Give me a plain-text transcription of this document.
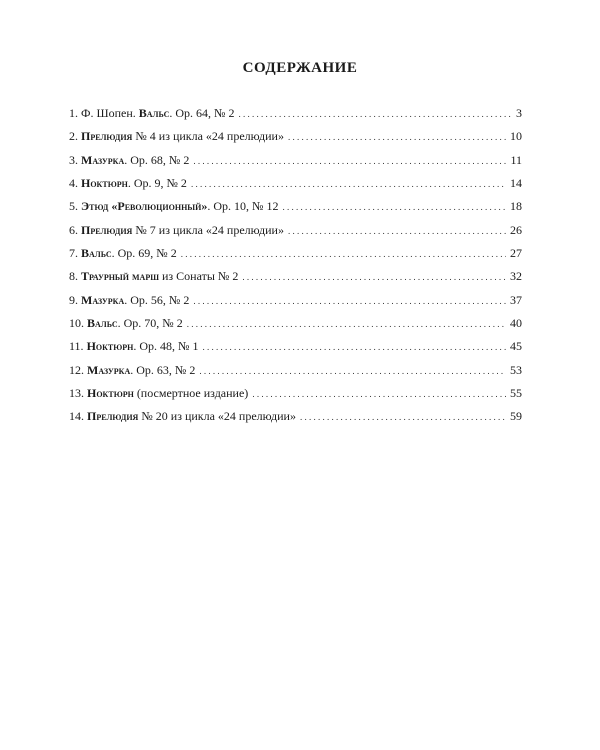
СОДЕРЖАНИЕ
1. Ф. Шопен. Вальс. Ор. 64, № 2 . . .	3
2. Прелюдия № 4 из цикла «24 прелюдии» . . .	10
3. Мазурка. Ор. 68, № 2 . . .	11
4. Ноктюрн. Ор. 9, № 2 . . .	14
5. Этюд «Революционный». Ор. 10, № 12 . . .	18
6. Прелюдия № 7 из цикла «24 прелюдии» . . .	26
7. Вальс. Ор. 69, № 2 . . .	27
8. Траурный марш из Сонаты № 2 . . .	32
9. Мазурка. Ор. 56, № 2 . . .	37
10. Вальс. Ор. 70, № 2 . . .	40
11. Ноктюрн. Ор. 48, № 1 . . .	45
12. Мазурка. Ор. 63, № 2 . . .	53
13. Ноктюрн (посмертное издание) . . .	55
14. Прелюдия № 20 из цикла «24 прелюдии» . . .	59
